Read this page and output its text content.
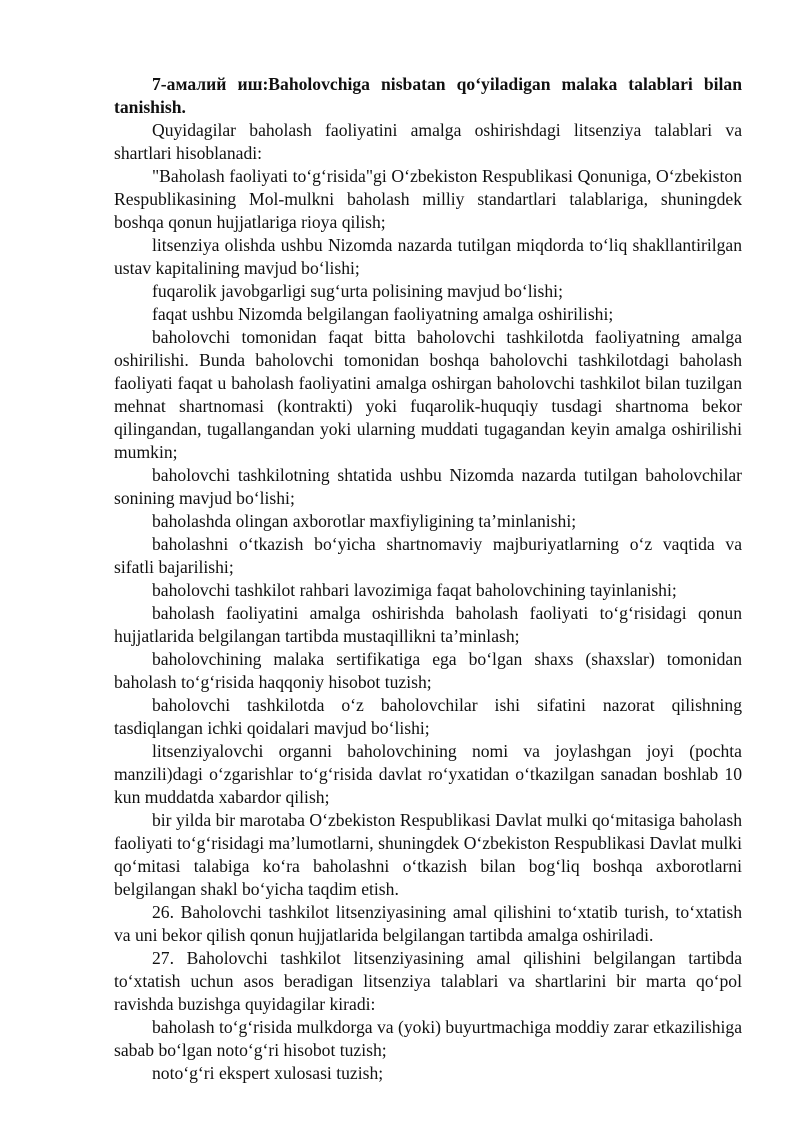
7-амалий иш:Baholovchiga nisbatan qo‘yiladigan malaka talablari bilan tanishish.

Quyidagilar baholash faoliyatini amalga oshirishdagi litsenziya talablari va shartlari hisoblanadi:

"Baholash faoliyati to‘g‘risida"gi O‘zbekiston Respublikasi Qonuniga, O‘zbekiston Respublikasining Mol-mulkni baholash milliy standartlari talablariga, shuningdek boshqa qonun hujjatlariga rioya qilish;

litsenziya olishda ushbu Nizomda nazarda tutilgan miqdorda to‘liq shakllantirilgan ustav kapitalining mavjud bo‘lishi;

fuqarolik javobgarligi sug‘urta polisining mavjud bo‘lishi;

faqat ushbu Nizomda belgilangan faoliyatning amalga oshirilishi;

baholovchi tomonidan faqat bitta baholovchi tashkilotda faoliyatning amalga oshirilishi. Bunda baholovchi tomonidan boshqa baholovchi tashkilotdagi baholash faoliyati faqat u baholash faoliyatini amalga oshirgan baholovchi tashkilot bilan tuzilgan mehnat shartnomasi (kontrakti) yoki fuqarolik-huquqiy tusdagi shartnoma bekor qilingandan, tugallangandan yoki ularning muddati tugagandan keyin amalga oshirilishi mumkin;

baholovchi tashkilotning shtatida ushbu Nizomda nazarda tutilgan baholovchilar sonining mavjud bo‘lishi;

baholashda olingan axborotlar maxfiyligining ta’minlanishi;

baholashni o‘tkazish bo‘yicha shartnomaviy majburiyatlarning o‘z vaqtida va sifatli bajarilishi;

baholovchi tashkilot rahbari lavozimiga faqat baholovchining tayinlanishi;

baholash faoliyatini amalga oshirishda baholash faoliyati to‘g‘risidagi qonun hujjatlarida belgilangan tartibda mustaqillikni ta’minlash;

baholovchining malaka sertifikatiga ega bo‘lgan shaxs (shaxslar) tomonidan baholash to‘g‘risida haqqoniy hisobot tuzish;

baholovchi tashkilotda o‘z baholovchilar ishi sifatini nazorat qilishning tasdiqlangan ichki qoidalari mavjud bo‘lishi;

litsenziyalovchi organni baholovchining nomi va joylashgan joyi (pochta manzili)dagi o‘zgarishlar to‘g‘risida davlat ro‘yxatidan o‘tkazilgan sanadan boshlab 10 kun muddatda xabardor qilish;

bir yilda bir marotaba O‘zbekiston Respublikasi Davlat mulki qo‘mitasiga baholash faoliyati to‘g‘risidagi ma’lumotlarni, shuningdek O‘zbekiston Respublikasi Davlat mulki qo‘mitasi talabiga ko‘ra baholashni o‘tkazish bilan bog‘liq boshqa axborotlarni belgilangan shakl bo‘yicha taqdim etish.

26. Baholovchi tashkilot litsenziyasining amal qilishini to‘xtatib turish, to‘xtatish va uni bekor qilish qonun hujjatlarida belgilangan tartibda amalga oshiriladi.

27. Baholovchi tashkilot litsenziyasining amal qilishini belgilangan tartibda to‘xtatish uchun asos beradigan litsenziya talablari va shartlarini bir marta qo‘pol ravishda buzishga quyidagilar kiradi:

baholash to‘g‘risida mulkdorga va (yoki) buyurtmachiga moddiy zarar etkazilishiga sabab bo‘lgan noto‘g‘ri hisobot tuzish;

noto‘g‘ri ekspert xulosasi tuzish;
